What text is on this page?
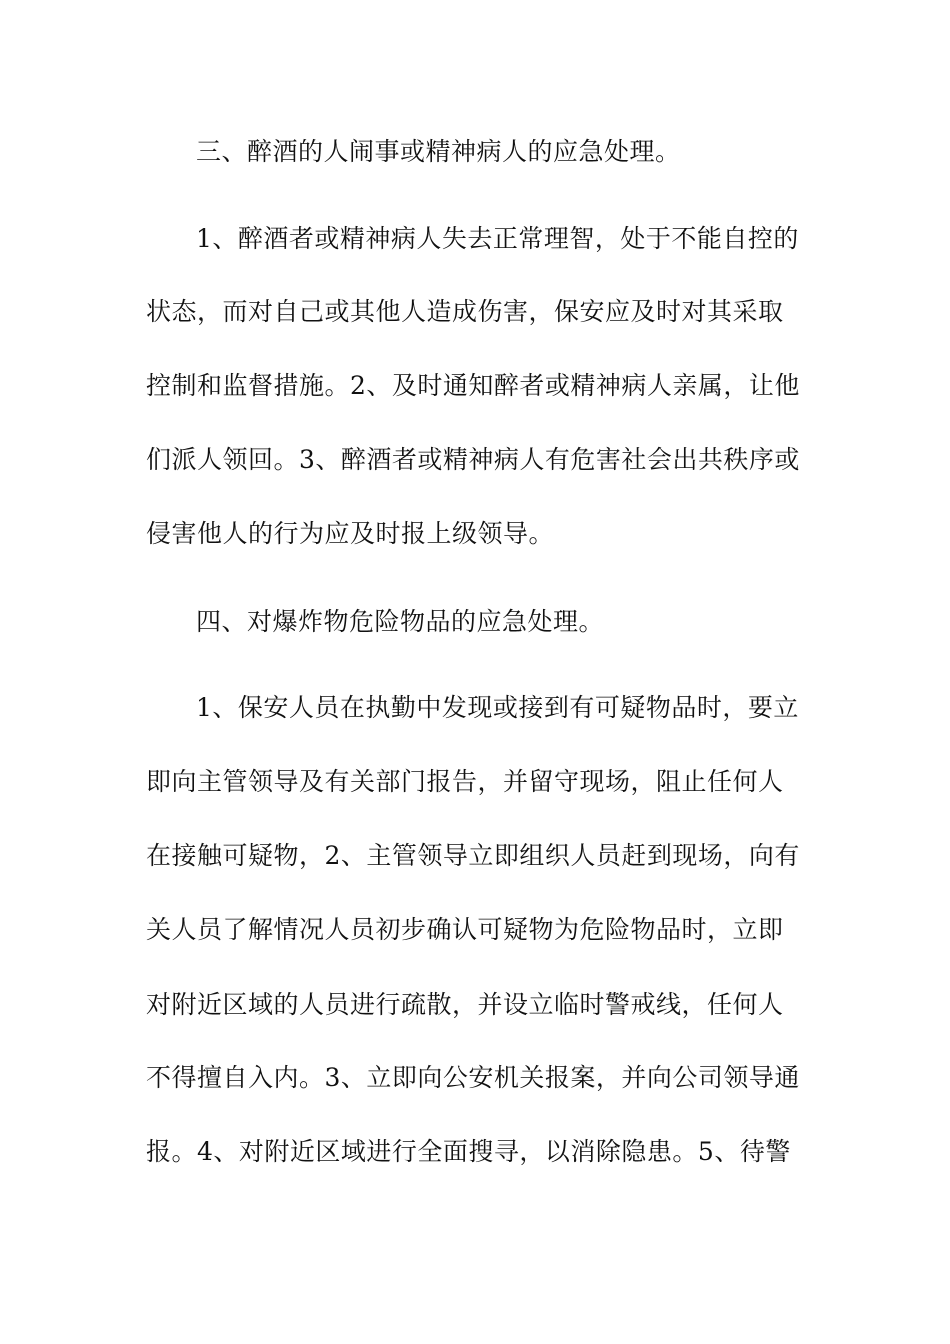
三、醉酒的人闹事或精神病人的应急处理。
1、醉酒者或精神病人失去正常理智，处于不能自控的
状态，而对自己或其他人造成伤害，保安应及时对其采取
控制和监督措施。2、及时通知醉者或精神病人亲属，让他
们派人领回。3、醉酒者或精神病人有危害社会出共秩序或
侵害他人的行为应及时报上级领导。
四、对爆炸物危险物品的应急处理。
1、保安人员在执勤中发现或接到有可疑物品时，要立
即向主管领导及有关部门报告，并留守现场，阻止任何人
在接触可疑物，2、主管领导立即组织人员赶到现场，向有
关人员了解情况人员初步确认可疑物为危险物品时，立即
对附近区域的人员进行疏散，并设立临时警戒线，任何人
不得擅自入内。3、立即向公安机关报案，并向公司领导通
报。4、对附近区域进行全面搜寻，以消除隐患。5、待警
